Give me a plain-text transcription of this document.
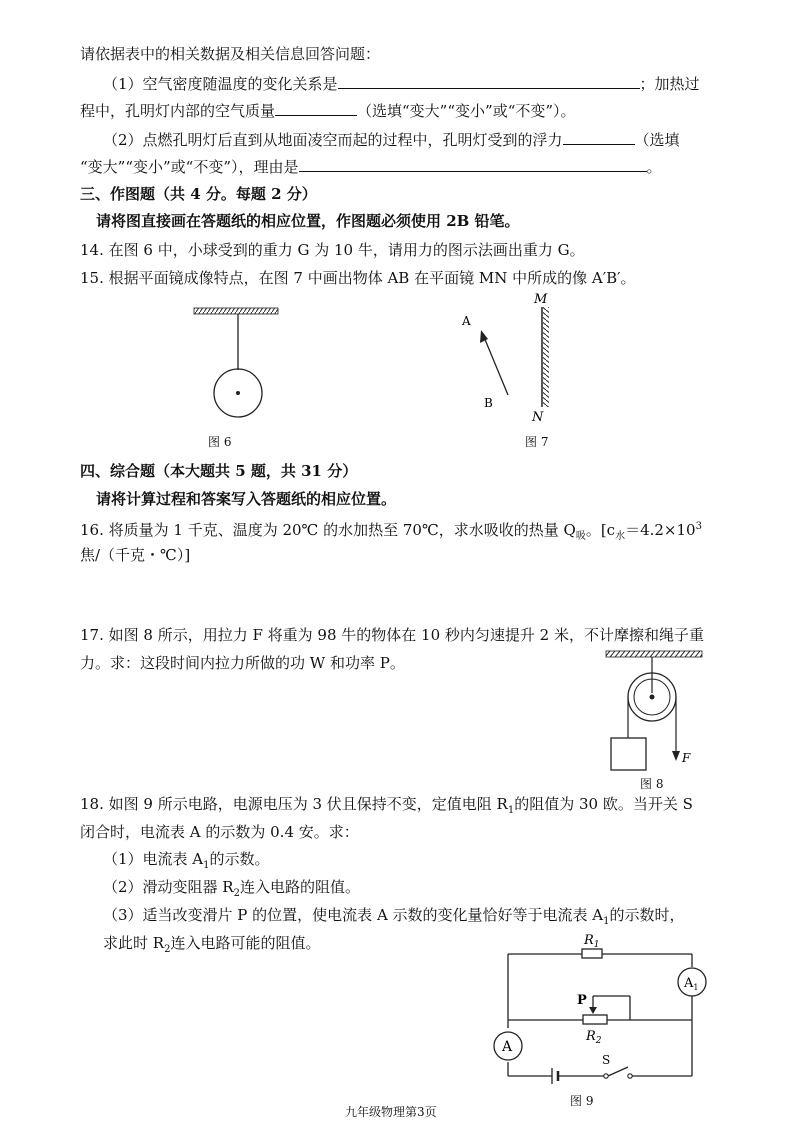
请依据表中的相关数据及相关信息回答问题：
（1）空气密度随温度的变化关系是	；加热过
程中，孔明灯内部的空气质量	（选填“变大”“变小”或“不变”）。
（2）点燃孔明灯后直到从地面凌空而起的过程中，孔明灯受到的浮力	（选填
“变大”“变小”或“不变”），理由是	。
三、作图题（共 4 分。每题 2 分）
请将图直接画在答题纸的相应位置，作图题必须使用 2B 铅笔。
14. 在图 6 中，小球受到的重力 G 为 10 牛，请用力的图示法画出重力 G。
15. 根据平面镜成像特点，在图 7 中画出物体 AB 在平面镜 MN 中所成的像 A′B′。
图 6
A
B
M
N
图 7
四、综合题（本大题共 5 题，共 31 分）
请将计算过程和答案写入答题纸的相应位置。
16. 将质量为 1 千克、温度为 20℃ 的水加热至 70℃，求水吸收的热量 $Q_吸$。[$c_水=4.2\times 10^3$
焦/（千克・℃）]
17. 如图 8 所示，用拉力 F 将重为 98 牛的物体在 10 秒内匀速提升 2 米，不计摩擦和绳子重
力。求：这段时间内拉力所做的功 W 和功率 P。
F
图 8
18. 如图 9 所示电路，电源电压为 3 伏且保持不变，定值电阻 $R_1$的阻值为 30 欧。当开关 S
闭合时，电流表 A 的示数为 0.4 安。求：
（1）电流表 $A_1$的示数。
（2）滑动变阻器 $R_2$连入电路的阻值。
（3）适当改变滑片 P 的位置，使电流表 A 示数的变化量恰好等于电流表 $A_1$的示数时，
求此时 $R_2$连入电路可能的阻值。	$R_1$
$R_2$
P
A
$A_1$
S
图 9
九年级物理第3页
